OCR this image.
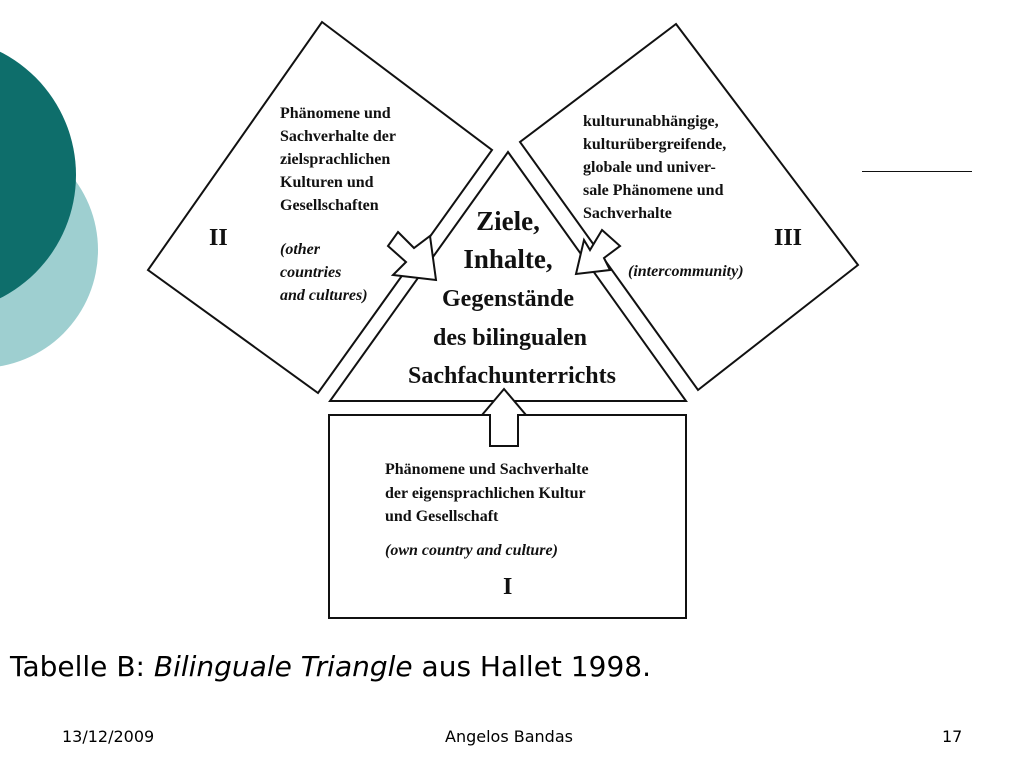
Ziele,
Inhalte,
Gegenstände
des bilingualen
Sachfachunterrichts
Phänomene und
Sachverhalte der
zielsprachlichen
Kulturen und
Gesellschaften
(other
countries
and cultures)
II
kulturunabhängige,
kulturübergreifende,
globale und univer-
sale Phänomene und
Sachverhalte
III
(intercommunity)
Phänomene und Sachverhalte
der eigensprachlichen Kultur
und Gesellschaft
(own country and culture)
I
Tabelle B: Bilinguale Triangle aus Hallet 1998.
13/12/2009	Angelos Bandas	17
